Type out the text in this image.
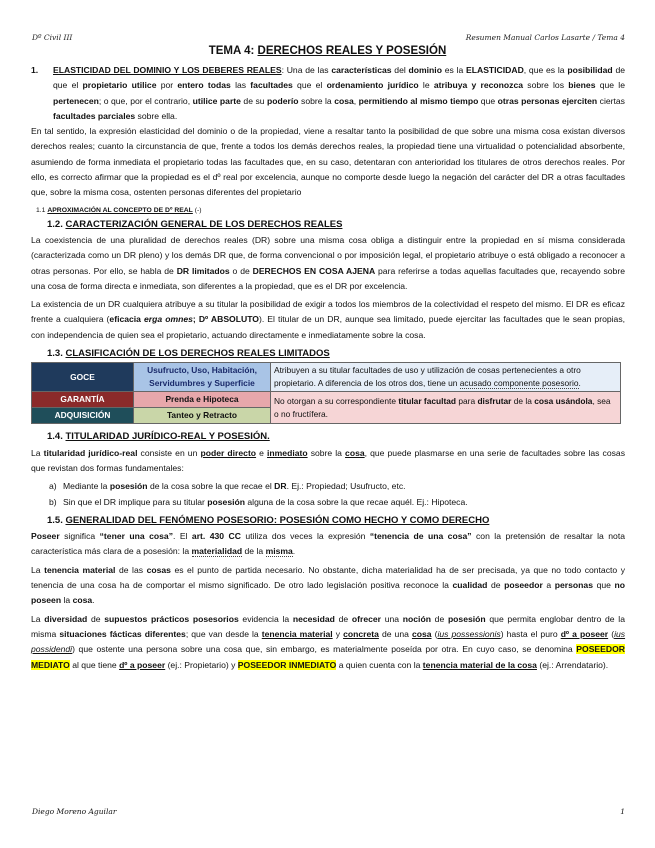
Dº Civil III	Resumen Manual Carlos Lasarte / Tema 4
TEMA 4: DERECHOS REALES Y POSESIÓN
1.	ELASTICIDAD DEL DOMINIO Y LOS DEBERES REALES: Una de las características del dominio es la ELASTICIDAD, que es la posibilidad de que el propietario utilice por entero todas las facultades que el ordenamiento jurídico le atribuya y reconozca sobre los bienes que le pertenecen; o que, por el contrario, utilice parte de su poderío sobre la cosa, permitiendo al mismo tiempo que otras personas ejerciten ciertas facultades parciales sobre ella.

En tal sentido, la expresión elasticidad del dominio o de la propiedad, viene a resaltar tanto la posibilidad de que sobre una misma cosa existan diversos derechos reales; cuanto la circunstancia de que, frente a todos los demás derechos reales, la propiedad tiene una virtualidad o potencialidad absorbente, asumiendo de forma inmediata el propietario todas las facultades que, en su caso, detentaran con anterioridad los titulares de otros derechos reales. Por ello, es correcto afirmar que la propiedad es el dº real por excelencia, aunque no comporte desde luego la negación del carácter del DR a otras facultades que, sobre la misma cosa, ostenten personas diferentes del propietario

1.1 APROXIMACIÓN AL CONCEPTO DE Dº REAL (-)
1.2. CARACTERIZACIÓN GENERAL DE LOS DERECHOS REALES

La coexistencia de una pluralidad de derechos reales (DR) sobre una misma cosa obliga a distinguir entre la propiedad en sí misma considerada (caracterizada como un DR pleno) y los demás DR que, de forma convencional o por imposición legal, el propietario atribuye o está obligado a reconocer a otras personas. Por ello, se habla de DR limitados o de DERECHOS EN COSA AJENA para referirse a todas aquellas facultades que, recayendo sobre una cosa de forma directa e inmediata, son diferentes a la propiedad, que es el DR por excelencia.

La existencia de un DR cualquiera atribuye a su titular la posibilidad de exigir a todos los miembros de la colectividad el respeto del mismo. El DR es eficaz frente a cualquiera (eficacia erga omnes; Dº ABSOLUTO). El titular de un DR, aunque sea limitado, puede ejercitar las facultades que le sean propias, con independencia de quien sea el propietario, actuando directamente e inmediatamente sobre la cosa.

1.3. CLASIFICACIÓN DE LOS DERECHOS REALES LIMITADOS
GOCE	Usufructo, Uso, Habitación, Servidumbres y Superficie	Atribuyen a su titular facultades de uso y utilización de cosas pertenecientes a otro propietario. A diferencia de los otros dos, tiene un acusado componente posesorio.
GARANTÍA	Prenda e Hipoteca	No otorgan a su correspondiente titular facultad para disfrutar de la cosa usándola, sea o no fructífera.
ADQUISICIÓN	Tanteo y Retracto	
1.4. TITULARIDAD JURÍDICO-REAL Y POSESIÓN.

La titularidad jurídico-real consiste en un poder directo e inmediato sobre la cosa, que puede plasmarse en una serie de facultades sobre las cosas que revistan dos formas fundamentales:

a) Mediante la posesión de la cosa sobre la que recae el DR. Ej.: Propiedad; Usufructo, etc.
b) Sin que el DR implique para su titular posesión alguna de la cosa sobre la que recae aquél. Ej.: Hipoteca.
1.5. GENERALIDAD DEL FENÓMENO POSESORIO: POSESIÓN COMO HECHO Y COMO DERECHO

Poseer significa “tener una cosa”. El art. 430 CC utiliza dos veces la expresión “tenencia de una cosa” con la pretensión de resaltar la nota característica más clara de a posesión: la materialidad de la misma.

La tenencia material de las cosas es el punto de partida necesario. No obstante, dicha materialidad ha de ser precisada, ya que no todo contacto y tenencia de una cosa ha de comportar el mismo significado. De otro lado legislación positiva reconoce la cualidad de poseedor a personas que no poseen la cosa.

La diversidad de supuestos prácticos posesorios evidencia la necesidad de ofrecer una noción de posesión que permita englobar dentro de la misma situaciones fácticas diferentes; que van desde la tenencia material y concreta de una cosa (ius possessionis) hasta el puro dº a poseer (ius possidendi) que ostente una persona sobre una cosa que, sin embargo, es materialmente poseída por otra. En cuyo caso, se denomina POSEEDOR MEDIATO al que tiene dº a poseer (ej.: Propietario) y POSEEDOR INMEDIATO a quien cuenta con la tenencia material de la cosa (ej.: Arrendatario).

Diego Moreno Aguilar	1
